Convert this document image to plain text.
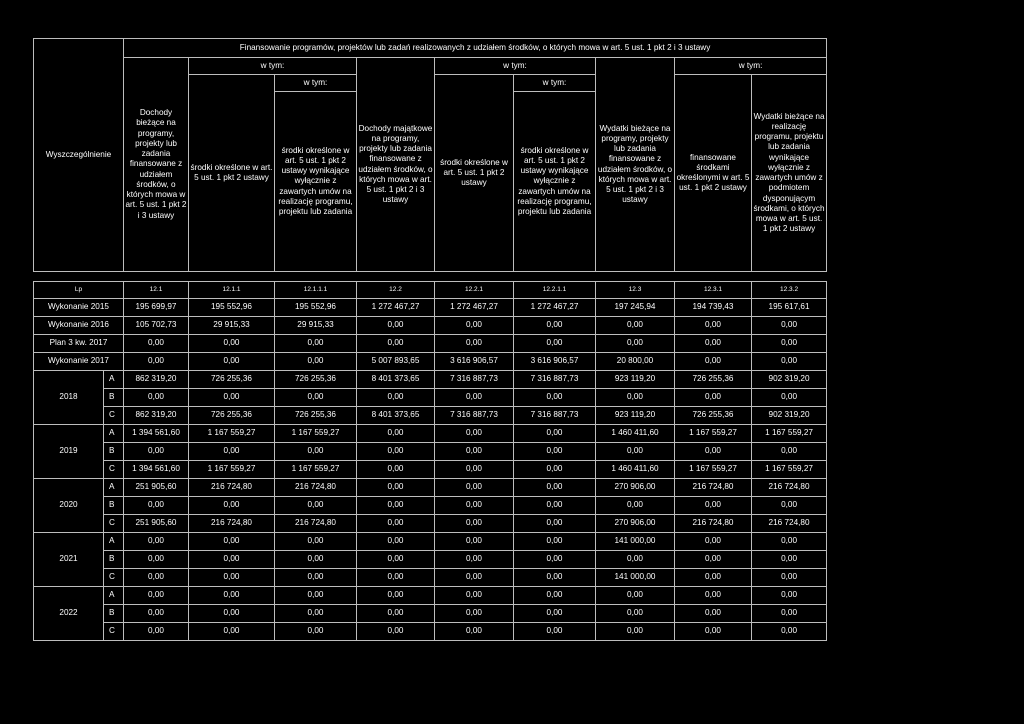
Wyszczególnienie		Finansowanie programów, projektów lub zadań realizowanych z udziałem środków, o których mowa w art. 5 ust. 1 pkt 2 i 3 ustawy								
		Dochody bieżące na programy, projekty lub zadania finansowane z udziałem środków, o których mowa w art. 5 ust. 1 pkt 2 i 3 ustawy	w tym:		Dochody majątkowe na programy, projekty lub zadania finansowane z udziałem środków, o których mowa w art. 5 ust. 1 pkt 2 i 3 ustawy	w tym:		Wydatki bieżące na programy, projekty lub zadania finansowane z udziałem środków, o których mowa w art. 5 ust. 1 pkt 2 i 3 ustawy	w tym:	
			środki określone w art. 5 ust. 1 pkt 2 ustawy	w tym:		środki określone w art. 5 ust. 1 pkt 2 ustawy	w tym:		finansowane środkami określonymi w art. 5 ust. 1 pkt 2 ustawy	Wydatki bieżące na realizację programu, projektu lub zadania wynikające wyłącznie z zawartych umów z podmiotem dysponującym środkami, o których mowa w art. 5 ust. 1 pkt 2 ustawy
				środki określone w art. 5 ust. 1 pkt 2 ustawy wynikające wyłącznie z zawartych umów na realizację programu, projektu lub zadania			środki określone w art. 5 ust. 1 pkt 2 ustawy wynikające wyłącznie z zawartych umów na realizację programu, projektu lub zadania			

Lp		12.1	12.1.1	12.1.1.1	12.2	12.2.1	12.2.1.1	12.3	12.3.1	12.3.2
Wykonanie 2015		195 699,97	195 552,96	195 552,96	1 272 467,27	1 272 467,27	1 272 467,27	197 245,94	194 739,43	195 617,61
Wykonanie 2016		105 702,73	29 915,33	29 915,33	0,00	0,00	0,00	0,00	0,00	0,00
Plan 3 kw. 2017		0,00	0,00	0,00	0,00	0,00	0,00	0,00	0,00	0,00
Wykonanie 2017		0,00	0,00	0,00	5 007 893,65	3 616 906,57	3 616 906,57	20 800,00	0,00	0,00
2018	A	862 319,20	726 255,36	726 255,36	8 401 373,65	7 316 887,73	7 316 887,73	923 119,20	726 255,36	902 319,20
	B	0,00	0,00	0,00	0,00	0,00	0,00	0,00	0,00	0,00
	C	862 319,20	726 255,36	726 255,36	8 401 373,65	7 316 887,73	7 316 887,73	923 119,20	726 255,36	902 319,20
2019	A	1 394 561,60	1 167 559,27	1 167 559,27	0,00	0,00	0,00	1 460 411,60	1 167 559,27	1 167 559,27
	B	0,00	0,00	0,00	0,00	0,00	0,00	0,00	0,00	0,00
	C	1 394 561,60	1 167 559,27	1 167 559,27	0,00	0,00	0,00	1 460 411,60	1 167 559,27	1 167 559,27
2020	A	251 905,60	216 724,80	216 724,80	0,00	0,00	0,00	270 906,00	216 724,80	216 724,80
	B	0,00	0,00	0,00	0,00	0,00	0,00	0,00	0,00	0,00
	C	251 905,60	216 724,80	216 724,80	0,00	0,00	0,00	270 906,00	216 724,80	216 724,80
2021	A	0,00	0,00	0,00	0,00	0,00	0,00	141 000,00	0,00	0,00
	B	0,00	0,00	0,00	0,00	0,00	0,00	0,00	0,00	0,00
	C	0,00	0,00	0,00	0,00	0,00	0,00	141 000,00	0,00	0,00
2022	A	0,00	0,00	0,00	0,00	0,00	0,00	0,00	0,00	0,00
	B	0,00	0,00	0,00	0,00	0,00	0,00	0,00	0,00	0,00
	C	0,00	0,00	0,00	0,00	0,00	0,00	0,00	0,00	0,00
